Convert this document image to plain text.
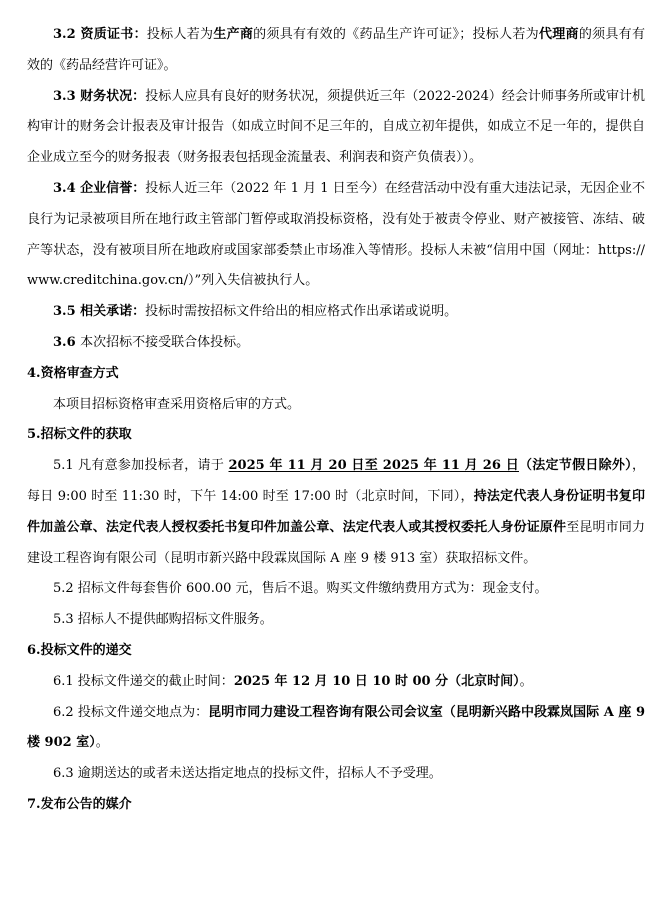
3.2 资质证书：投标人若为生产商的须具有有效的《药品生产许可证》；投标人若为代理商的须具有有效的《药品经营许可证》。

3.3 财务状况：投标人应具有良好的财务状况，须提供近三年（2022-2024）经会计师事务所或审计机构审计的财务会计报表及审计报告（如成立时间不足三年的，自成立初年提供，如成立不足一年的，提供自企业成立至今的财务报表（财务报表包括现金流量表、利润表和资产负债表））。

3.4 企业信誉：投标人近三年（2022 年 1 月 1 日至今）在经营活动中没有重大违法记录，无因企业不良行为记录被项目所在地行政主管部门暂停或取消投标资格，没有处于被责令停业、财产被接管、冻结、破产等状态，没有被项目所在地政府或国家部委禁止市场准入等情形。投标人未被“信用中国（网址：https://www.creditchina.gov.cn/）”列入失信被执行人。

3.5 相关承诺：投标时需按招标文件给出的相应格式作出承诺或说明。

3.6 本次招标不接受联合体投标。

4.资格审查方式

本项目招标资格审查采用资格后审的方式。

5.招标文件的获取

5.1 凡有意参加投标者，请于 2025 年 11 月 20 日至 2025 年 11 月 26 日（法定节假日除外），每日 9:00 时至 11:30 时，下午 14:00 时至 17:00 时（北京时间，下同），持法定代表人身份证明书复印件加盖公章、法定代表人授权委托书复印件加盖公章、法定代表人或其授权委托人身份证原件至昆明市同力建设工程咨询有限公司（昆明市新兴路中段霖岚国际 A 座 9 楼 913 室）获取招标文件。

5.2 招标文件每套售价 600.00 元，售后不退。购买文件缴纳费用方式为：现金支付。

5.3 招标人不提供邮购招标文件服务。

6.投标文件的递交

6.1 投标文件递交的截止时间：2025 年 12 月 10 日 10 时 00 分（北京时间）。

6.2 投标文件递交地点为：昆明市同力建设工程咨询有限公司会议室（昆明新兴路中段霖岚国际 A 座 9 楼 902 室）。

6.3 逾期送达的或者未送达指定地点的投标文件，招标人不予受理。

7.发布公告的媒介
